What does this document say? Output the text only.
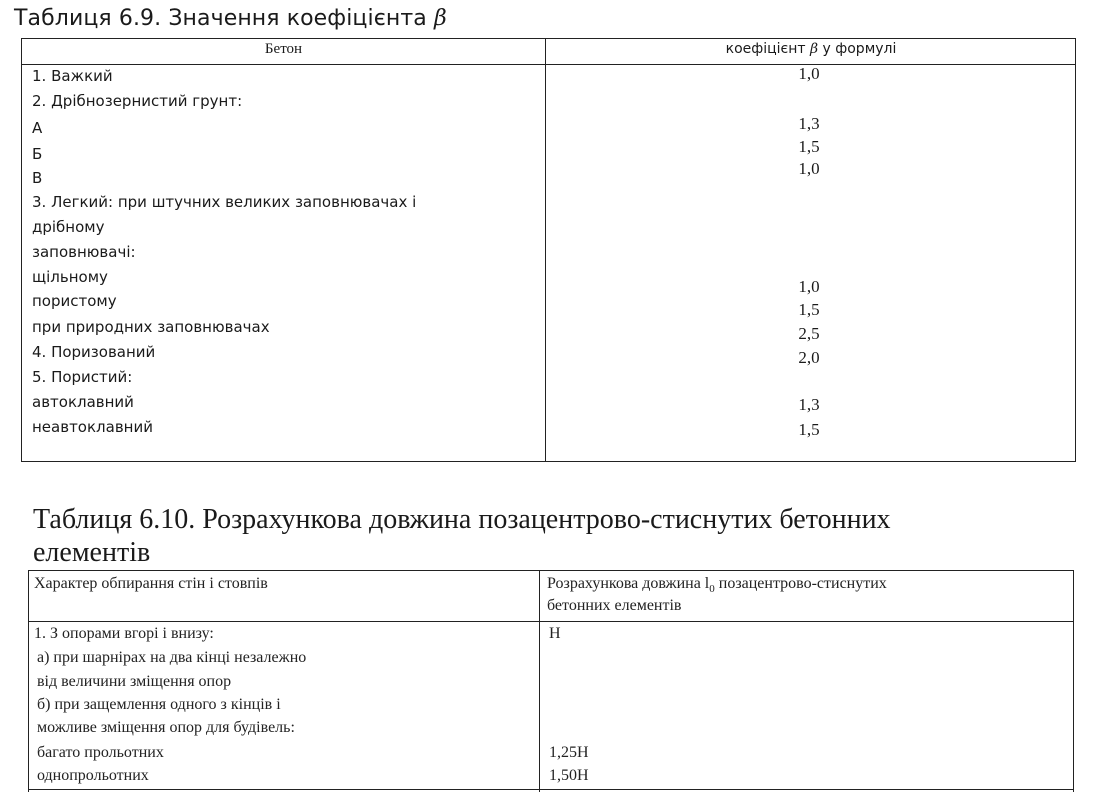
Таблиця 6.9. Значення коефіцієнта β
Бетон	коефіцієнт β у формулі
1. Важкий
2. Дрібнозернистий грунт:
А
Б
В
3. Легкий: при штучних великих заповнювачах і
дрібному
заповнювачі:
щільному
пористому
при природних заповнювачах
4. Поризований
5. Пористий:
автоклавний
неавтоклавний
1,0
1,3
1,5
1,0
1,0
1,5
2,5
2,0
1,3
1,5
Таблиця 6.10. Розрахункова довжина позацентрово-стиснутих бетонних
елементів
Характер обпирання стін і стовпів	Розрахункова довжина $l_0$ позацентрово-стиснутих
бетонних елементів
1. З опорами вгорі і внизу:
а) при шарнірах на два кінці незалежно
від величини зміщення опор
б) при защемлення одного з кінців і
можливе зміщення опор для будівель:
багато прольотних
однопрольотних
Н
1,25Н
1,50Н
